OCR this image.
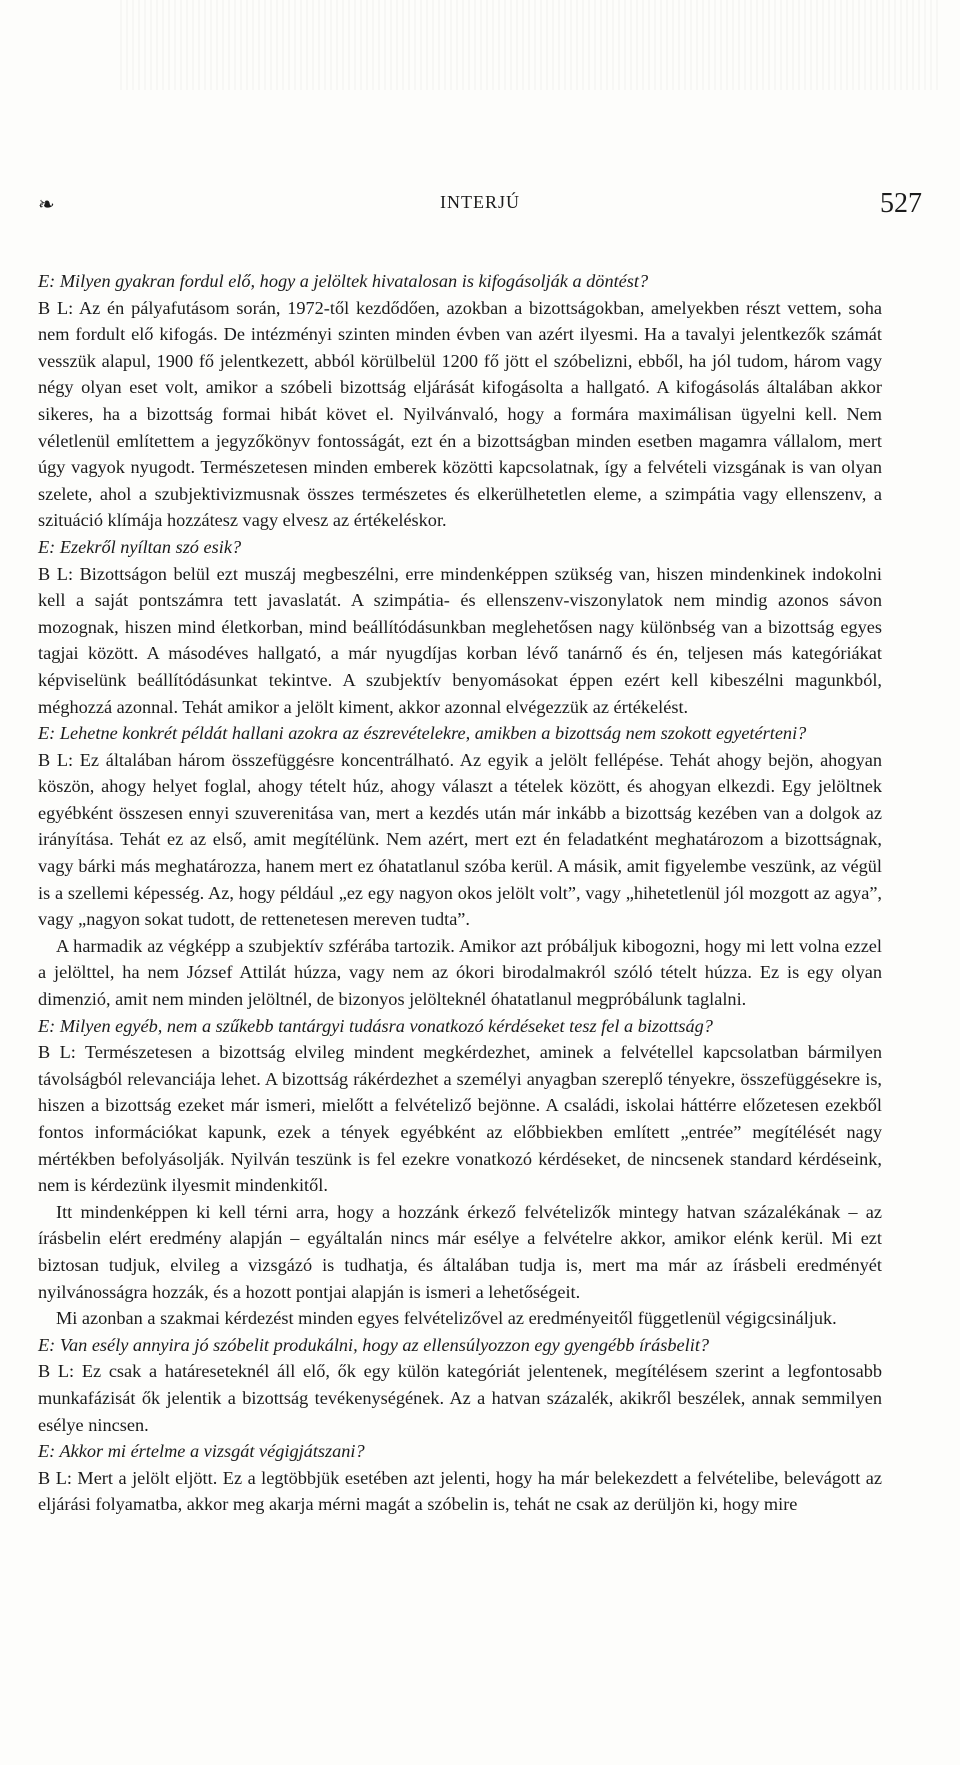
❧	INTERJÚ	527

E: Milyen gyakran fordul elő, hogy a jelöltek hivatalosan is kifogásolják a döntést?

B L: Az én pályafutásom során, 1972-től kezdődően, azokban a bizottságokban, amelyekben részt vettem, soha nem fordult elő kifogás. De intézményi szinten minden évben van azért ilyesmi. Ha a tavalyi jelentkezők számát vesszük alapul, 1900 fő jelentkezett, abból körülbelül 1200 fő jött el szóbelizni, ebből, ha jól tudom, három vagy négy olyan eset volt, amikor a szóbeli bizottság eljárását kifogásolta a hallgató. A kifogásolás általában akkor sikeres, ha a bizottság formai hibát követ el. Nyilvánvaló, hogy a formára maximálisan ügyelni kell. Nem véletlenül említettem a jegyzőkönyv fontosságát, ezt én a bizottságban minden esetben magamra vállalom, mert úgy vagyok nyugodt. Természetesen minden emberek közötti kapcsolatnak, így a felvételi vizsgának is van olyan szelete, ahol a szubjektivizmusnak összes természetes és elkerülhetetlen eleme, a szimpátia vagy ellenszenv, a szituáció klímája hozzátesz vagy elvesz az értékeléskor.

E: Ezekről nyíltan szó esik?

B L: Bizottságon belül ezt muszáj megbeszélni, erre mindenképpen szükség van, hiszen mindenkinek indokolni kell a saját pontszámra tett javaslatát. A szimpátia- és ellenszenv-viszonylatok nem mindig azonos sávon mozognak, hiszen mind életkorban, mind beállítódásunkban meglehetősen nagy különbség van a bizottság egyes tagjai között. A másodéves hallgató, a már nyugdíjas korban lévő tanárnő és én, teljesen más kategóriákat képviselünk beállítódásunkat tekintve. A szubjektív benyomásokat éppen ezért kell kibeszélni magunkból, méghozzá azonnal. Tehát amikor a jelölt kiment, akkor azonnal elvégezzük az értékelést.

E: Lehetne konkrét példát hallani azokra az észrevételekre, amikben a bizottság nem szokott egyetérteni?

B L: Ez általában három összefüggésre koncentrálható. Az egyik a jelölt fellépése. Tehát ahogy bejön, ahogyan köszön, ahogy helyet foglal, ahogy tételt húz, ahogy választ a tételek között, és ahogyan elkezdi. Egy jelöltnek egyébként összesen ennyi szuverenitása van, mert a kezdés után már inkább a bizottság kezében van a dolgok az irányítása. Tehát ez az első, amit megítélünk. Nem azért, mert ezt én feladatként meghatározom a bizottságnak, vagy bárki más meghatározza, hanem mert ez óhatatlanul szóba kerül. A másik, amit figyelembe veszünk, az végül is a szellemi képesség. Az, hogy például „ez egy nagyon okos jelölt volt”, vagy „hihetetlenül jól mozgott az agya”, vagy „nagyon sokat tudott, de rettenetesen mereven tudta”.

A harmadik az végképp a szubjektív szférába tartozik. Amikor azt próbáljuk kibogozni, hogy mi lett volna ezzel a jelölttel, ha nem József Attilát húzza, vagy nem az ókori birodalmakról szóló tételt húzza. Ez is egy olyan dimenzió, amit nem minden jelöltnél, de bizonyos jelölteknél óhatatlanul megpróbálunk taglalni.

E: Milyen egyéb, nem a szűkebb tantárgyi tudásra vonatkozó kérdéseket tesz fel a bizottság?

B L: Természetesen a bizottság elvileg mindent megkérdezhet, aminek a felvétellel kapcsolatban bármilyen távolságból relevanciája lehet. A bizottság rákérdezhet a személyi anyagban szereplő tényekre, összefüggésekre is, hiszen a bizottság ezeket már ismeri, mielőtt a felvételiző bejönne. A családi, iskolai háttérre előzetesen ezekből fontos információkat kapunk, ezek a tények egyébként az előbbiekben említett „entrée” megítélését nagy mértékben befolyásolják. Nyilván teszünk is fel ezekre vonatkozó kérdéseket, de nincsenek standard kérdéseink, nem is kérdezünk ilyesmit mindenkitől.

Itt mindenképpen ki kell térni arra, hogy a hozzánk érkező felvételizők mintegy hatvan százalékának – az írásbelin elért eredmény alapján – egyáltalán nincs már esélye a felvételre akkor, amikor elénk kerül. Mi ezt biztosan tudjuk, elvileg a vizsgázó is tudhatja, és általában tudja is, mert ma már az írásbeli eredményét nyilvánosságra hozzák, és a hozott pontjai alapján is ismeri a lehetőségeit.

Mi azonban a szakmai kérdezést minden egyes felvételizővel az eredményeitől függetlenül végigcsináljuk.

E: Van esély annyira jó szóbelit produkálni, hogy az ellensúlyozzon egy gyengébb írásbelit?

B L: Ez csak a határeseteknél áll elő, ők egy külön kategóriát jelentenek, megítélésem szerint a legfontosabb munkafázisát ők jelentik a bizottság tevékenységének. Az a hatvan százalék, akikről beszélek, annak semmilyen esélye nincsen.

E: Akkor mi értelme a vizsgát végigjátszani?

B L: Mert a jelölt eljött. Ez a legtöbbjük esetében azt jelenti, hogy ha már belekezdett a felvételibe, belevágott az eljárási folyamatba, akkor meg akarja mérni magát a szóbelin is, tehát ne csak az derüljön ki, hogy mire
